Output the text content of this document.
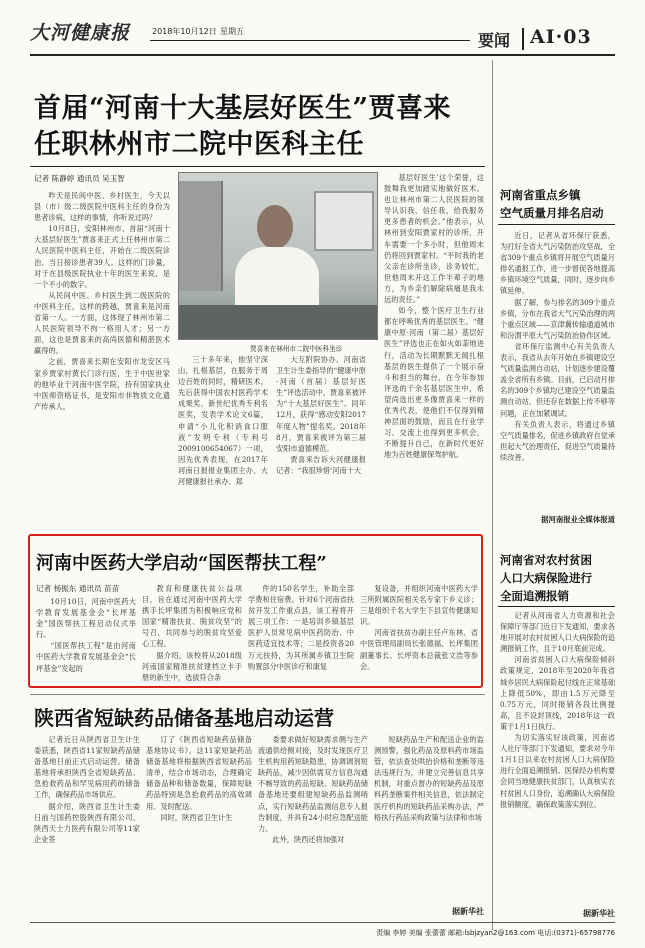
大河健康报	2018年10月12日 星期五	要闻 AI·03
首届“河南十大基层好医生”贾喜来
任职林州市二院中医科主任
记者 陈静婷 通讯员 吴玉智
贾喜来在林州市二院中医科坐诊

昨天是民间中医、乡村医生，今天以县（市）级二级医院中医科主任的身份为患者诊病，这样的事情，你听说过吗？

10月8日，安阳林州市、首届“河南十大基层好医生”贾喜来正式上任林州市第二人民医院中医科主任，开始在二级医院诊治。当日接诊患者39人。这样的门诊量，对于在县级医院执业十年的医生来说，是一个不小的数字。

从民间中医、乡村医生到二级医院的中医科主任，这样的跨越，贾喜来是河南省第一人。一方面，这体现了林州市第二人民医院领导不拘一格用人才；另一方面，这也是贾喜来的高尚医德和精湛医术赢得的。

之前，贾喜来长期在安阳市龙安区马家乡贾家村黄长门诊行医，生于中医世家的他毕业于河南中医学院，持有国家执业中医师资格证书，是安阳市非物质文化遗产传承人。

三十多年来，他坚守深山，扎根基层，在服务于周边百姓的同时，精研医术，先后获得中国农村医药学术成果奖、新世纪优秀专利名医奖，发表学术论文6篇，申请“小儿化积消食口服液”发明专利（专利号2009100654067）一项，因先优秀表现，在2017年河南日报报业集团主办、大河健康报社承办、郑

大互附院协办、河南省卫生计生委指导的“健康中原·河南（首届）基层好医生”评选活动中，贾喜来被评为“十大基层好医生”。同年12月，获得“感动安阳2017年度人物”提名奖。2018年8月，贾喜来被评为第三届安阳市道德模范。

贾喜来告诉大河健康报记者：“我很珍惜‘河南十大

基层好医生’这个荣誉，这鼓舞我更加踏实地做好医术。也让林州市第二人民医院的领导认识我、信任我，给我服务更多患者的机会。”他表示，从林州到安阳贾家村的诊所，开车需要一个多小时，但他周末仍将回到贾家村。“平时我的老父亲在诊所坐诊，诊务较忙，但他周末开这工作半辈子的地方，为乡亲们解除病痛是我永远的责任。”

如今，整个医疗卫生行业都在呼唤优秀的基层医生。“健康中原·河南（第二届）基层好医生”评选也正在如火如荼地进行，活动为长期默默无闻扎根基层的医生提供了一个展示奋斗和担当的舞台，在今年参加评选的千余名基层医生中，希望尚选出更多像贾喜来一样的优秀代表，使他们不仅得到精神层面的鼓励，而且在行业学习、交流上也得到更多机会，不断提升自己，在新时代更好地为百姓健康保驾护航。

河南省重点乡镇
空气质量月排名启动

近日，记者从省环保厅获悉，为打好全省大气污染防治攻坚战，全省309个重点乡镇将开展空气质量月排名通报工作，进一步督促各地提高乡镇环境空气质量，同时，逐步向乡镇延伸。

据了解，参与排名的309个重点乡镇，分布在我省大气污染治理的两个重点区域——京津冀传输通道城市和汾渭平原大气污染防治协作区域。

省环保厅监测中心有关负责人表示，我省从去年开始在乡镇建设空气质量监测自动站，计划逐步建设覆盖全省所有乡镇。目前，已启动月排名的309个乡镇均已建设空气质量监测自动站，但还存在数据上传不够等问题，正在加紧调试。

有关负责人表示，将通过乡镇空气质量排名，促进乡镇政府自觉承担起大气治理责任，促进空气质量持续改善。

据河南报业全媒体报道
河南中医药大学启动“国医帮扶工程”
记者 杨振东 通讯员 苗苗

10月10日，河南中医药大学教育发展基金会“长坪基金”国医帮扶工程启动仪式举行。

“国医帮扶工程”是由河南中医药大学教育发展基金会“长坪基金”发起的

教育和健康扶贫公益项目，旨在通过河南中医药大学携手长坪集团为积极响应党和国家“精准扶贫、脱贫攻坚”的号召，共同参与的脱贫攻坚爱心工程。

据介绍，该校将从2018级河南国家精准扶贫建档立卡手册的新生中，选拔符合条

件的150名学生，补助全部学费和住宿费。针对6个河南省扶贫开发工作重点县，该工程将开展三项工作：一是培训乡镇基层医护人员常见病中医药防治、中医药适宜技术等；二是投资各20万元扶持，为其所属乡镇卫生院购置部分中医诊疗和康复

复设备，并组织河南中医药大学三所附属医院相关名专家下乡义诊；三是组织千名大学生下县宣传健康知识。

河南省扶贫办副主任卢东林、省中医管理局副局长张德福、长坪集团副董事长、长坪资本总裁张文浩等参会。

河南省对农村贫困
人口大病保险进行
全面追溯报销

记者从河南省人力资源和社会保障厅等部门近日下发通知，要求各地开展对农村贫困人口大病保险的追溯报销工作，且于10月底前完成。

河南省贫困人口大病保险倾斜政策规定，2018年至2020年我省城乡居民大病保险起付线在正常基础上降低50%，即由1.5万元降至0.75万元，同时报销各段比例提高，且不设封顶线，2018年这一政策于1月1日执行。

为切实落实好该政策，河南省人社厅等部门下发通知，要求对今年1月1日以来农村贫困人口大病保险进行全面追溯报销。医保经办机构要会同当地健康扶贫部门，认真核实农村贫困人口身份，追溯确认大病保险报销额度，确保政策落实到位。

据新华社
陕西省短缺药品储备基地启动运营

记者近日从陕西省卫生计生委获悉，陕西省11家短缺药品储备基地日前正式启动运营。储备基地将承担陕西全省短缺药品、急抢救药品和罕见病用药的储备工作，确保药品市场供应。

据介绍，陕西省卫生计生委日前与国药控股陕西有限公司、陕西天士力医药有限公司等11家企业签

订了《陕西省短缺药品储备基地协议书》。这11家短缺药品储备基地将根据陕西省短缺药品清单，结合市场动态，合理确定储备品种和储备数量，保障短缺药品特别是急抢救药品的高效调用、及时配送。

同时，陕西省卫生计生

委要求做好短缺需求侧与生产流通供给侧对接，及时发现医疗卫生机构用药短缺隐患，协调调剂短缺药品，减少因供需双方信息沟通不畅导致的药品短缺。短缺药品储备基地还要组建短缺药品监测哨点，实行短缺药品监测信息专人报告制度，并具有24小时应急配送能力。

此外，陕西还将加强对

短缺药品生产和配送企业的监测预警，强化药品及原料药市场监管，依法查处哄抬价格和垄断等违法违规行为，并建立完善信息共享机制，对重点督办的短缺药品及原料药垄断案件相关信息，依法制定医疗机构的短缺药品采购办法，严格执行药品采购政策与法律和市场

据新华社
责编 李婷 美编 张蕾蕾 邮箱:lsbjzyan2@163.com 电话:(0371)-65798776
